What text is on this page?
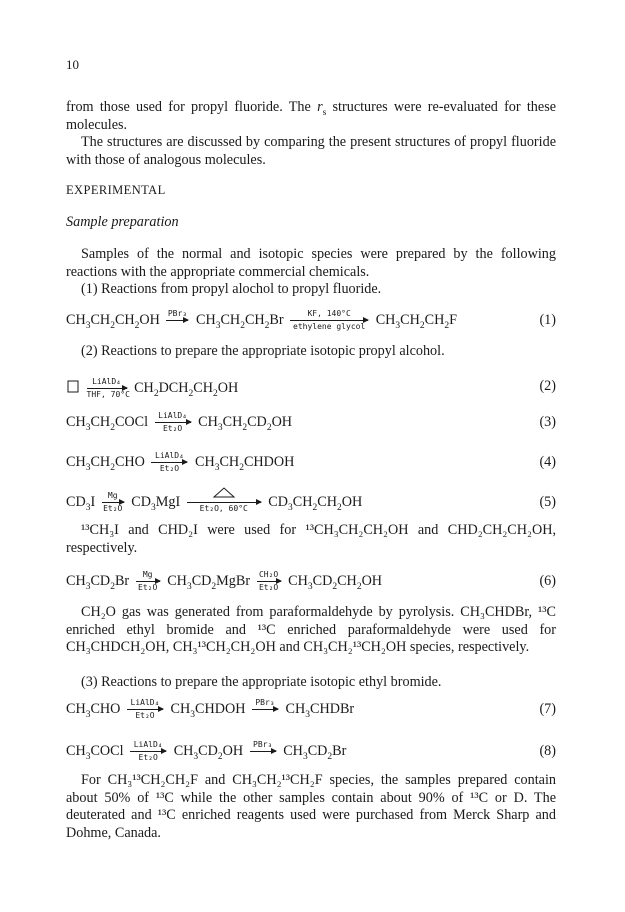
10
from those used for propyl fluoride. The $r_s$ structures were re-evaluated for these molecules.
The structures are discussed by comparing the present structures of propyl fluoride with those of analogous molecules.
EXPERIMENTAL
Sample preparation
Samples of the normal and isotopic species were prepared by the following reactions with the appropriate commercial chemicals.
(1) Reactions from propyl alochol to propyl fluoride.
$CH_3CH_2CH_2OH$ PBr₃ $CH_3CH_2CH_2Br$	KF, 140°C
ethylene glycol $CH_3CH_2CH_2F$	(1)
(2) Reactions to prepare the appropriate isotopic propyl alcohol.

LiAlD₄
THF, 70°C $CH_2DCH_2CH_2OH$	(2)
$CH_3CH_2COCl$	LiAlD₄
Et₂O	$CH_3CH_2CD_2OH$	(3)
$CH_3CH_2CHO$	LiAlD₄
Et₂O	$CH_3CH_2CHDOH$	(4)
$CD_3I$	Mg
Et₂O $CD_3MgI$	Et₂O, 60°C	$CD_3CH_2CH_2OH$	(5)
¹³CH₃I and CHD₂I were used for ¹³CH₃CH₂CH₂OH and CHD₂CH₂CH₂OH, respectively.
$CH_3CD_2Br$	Mg
Et₂O $CH_3CD_2MgBr$ CH₂O
Et₂O $CH_3CD_2CH_2OH$	(6)
CH₂O gas was generated from paraformaldehyde by pyrolysis. CH₃CHDBr, ¹³C enriched ethyl bromide and ¹³C enriched paraformaldehyde were used for CH₃CHDCH₂OH, CH₃¹³CH₂CH₂OH and CH₃CH₂¹³CH₂OH species, respectively.
(3) Reactions to prepare the appropriate isotopic ethyl bromide.
$CH_3CHO$	LiAlD₄
Et₂O	$CH_3CHDOH$	PBr₃ $CH_3CHDBr$	(7)
$CH_3COCl$	LiAlD₄
Et₂O	$CH_3CD_2OH$	PBr₃ $CH_3CD_2Br$	(8)
For CH₃¹³CH₂CH₂F and CH₃CH₂¹³CH₂F species, the samples prepared contain about 50% of ¹³C while the other samples contain about 90% of ¹³C or D. The deuterated and ¹³C enriched reagents used were purchased from Merck Sharp and Dohme, Canada.
